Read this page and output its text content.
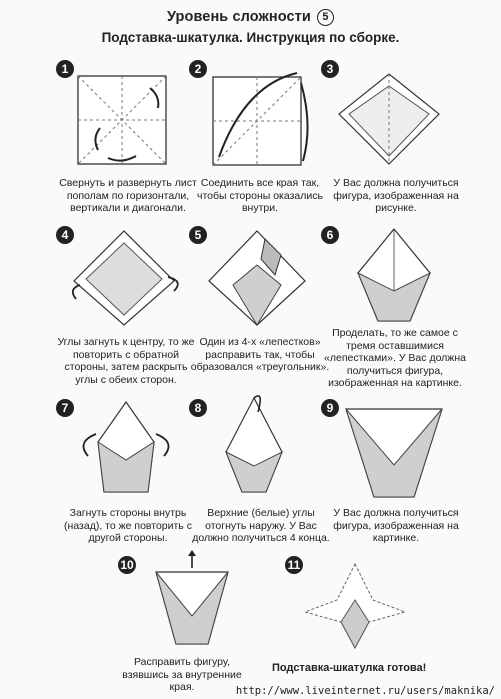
Уровень сложности 5
Подставка-шкатулка. Инструкция по сборке.
1
Свернуть и развернуть лист пополам по горизонтали, вертикали и диагонали.
2
Соединить все края так, чтобы стороны оказались внутри.
3
У Вас должна получиться фигура, изображенная на рисунке.
4
Углы загнуть к центру, то же повторить с обратной стороны, затем раскрыть углы с обеих сторон.
5
Один из 4-х «лепестков» расправить так, чтобы образовался «треугольник».
6
Проделать, то же самое с тремя оставшимися «лепестками». У Вас должна получиться фигура, изображенная на картинке.
7
Загнуть стороны внутрь (назад), то же повторить с другой стороны.
8
Верхние (белые) углы отогнуть наружу. У Вас должно получиться 4 конца.
9
У Вас должна получиться фигура, изображенная на картинке.
10
Расправить фигуру, взявшись за внутренние края.
11
Подставка-шкатулка готова!
http://www.liveinternet.ru/users/maknika/
